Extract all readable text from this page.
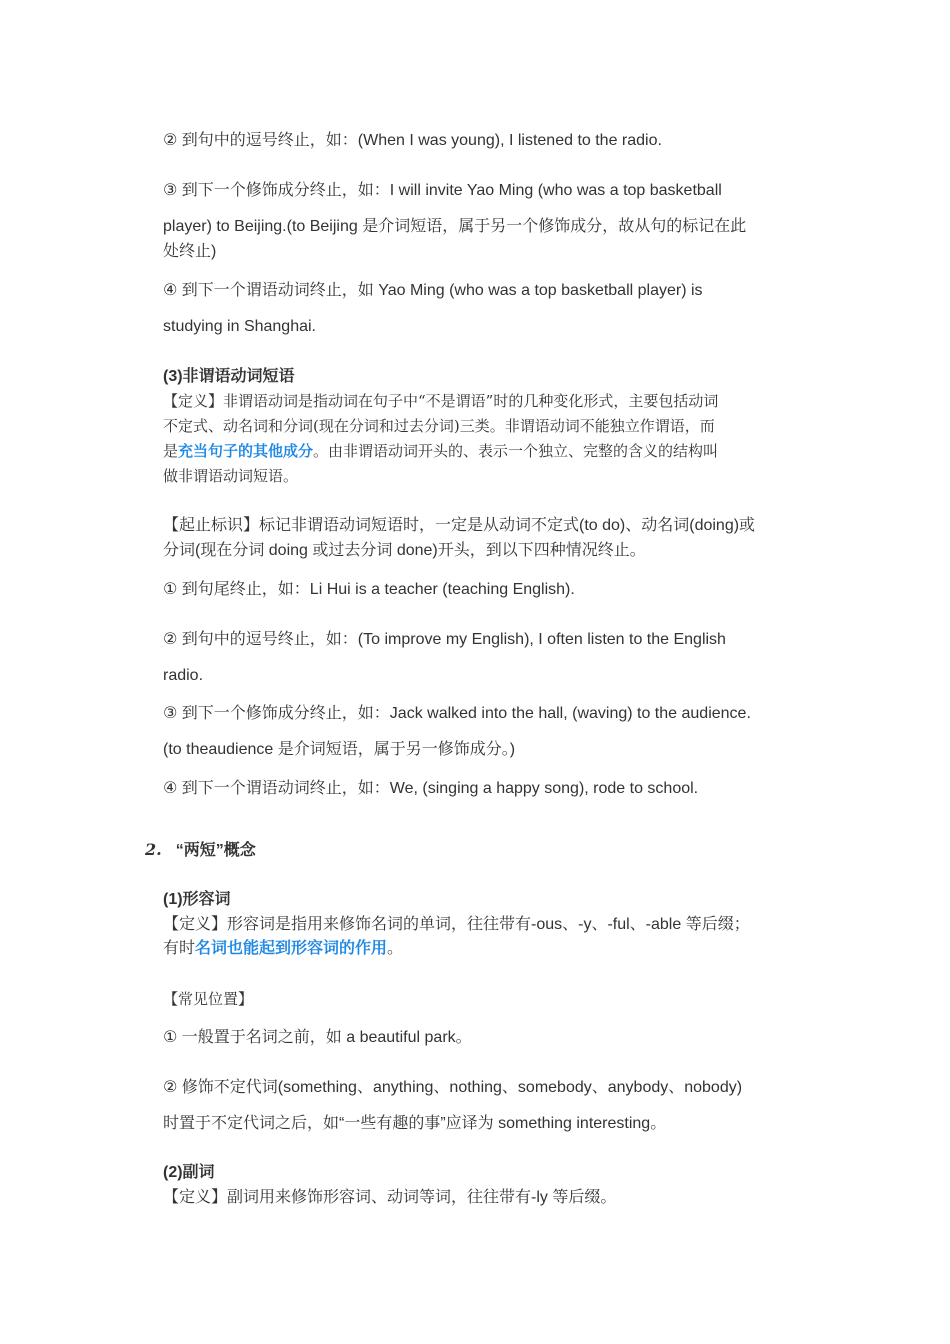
② 到句中的逗号终止，如：(When I was young), I listened to the radio.
③ 到下一个修饰成分终止，如：I will invite Yao Ming (who was a top basketball
player) to Beijing.(to Beijing 是介词短语，属于另一个修饰成分，故从句的标记在此
处终止)
④ 到下一个谓语动词终止，如 Yao Ming (who was a top basketball player) is
studying in Shanghai.
(3)非谓语动词短语
【定义】非谓语动词是指动词在句子中“不是谓语”时的几种变化形式，主要包括动词
不定式、动名词和分词(现在分词和过去分词)三类。非谓语动词不能独立作谓语，而
是充当句子的其他成分。由非谓语动词开头的、表示一个独立、完整的含义的结构叫
做非谓语动词短语。
【起止标识】标记非谓语动词短语时，一定是从动词不定式(to do)、动名词(doing)或
分词(现在分词 doing 或过去分词 done)开头，到以下四种情况终止。
① 到句尾终止，如：Li Hui is a teacher (teaching English).
② 到句中的逗号终止，如：(To improve my English), I often listen to the English
radio.
③ 到下一个修饰成分终止，如：Jack walked into the hall, (waving) to the audience.
(to theaudience 是介词短语，属于另一修饰成分。)
④ 到下一个谓语动词终止，如：We, (singing a happy song), rode to school.
2. “两短”概念
(1)形容词
【定义】形容词是指用来修饰名词的单词，往往带有-ous、-y、-ful、-able 等后缀；
有时名词也能起到形容词的作用。
【常见位置】
① 一般置于名词之前，如 a beautiful park。
② 修饰不定代词(something、anything、nothing、somebody、anybody、nobody)
时置于不定代词之后，如“一些有趣的事”应译为 something interesting。
(2)副词
【定义】副词用来修饰形容词、动词等词，往往带有-ly 等后缀。
